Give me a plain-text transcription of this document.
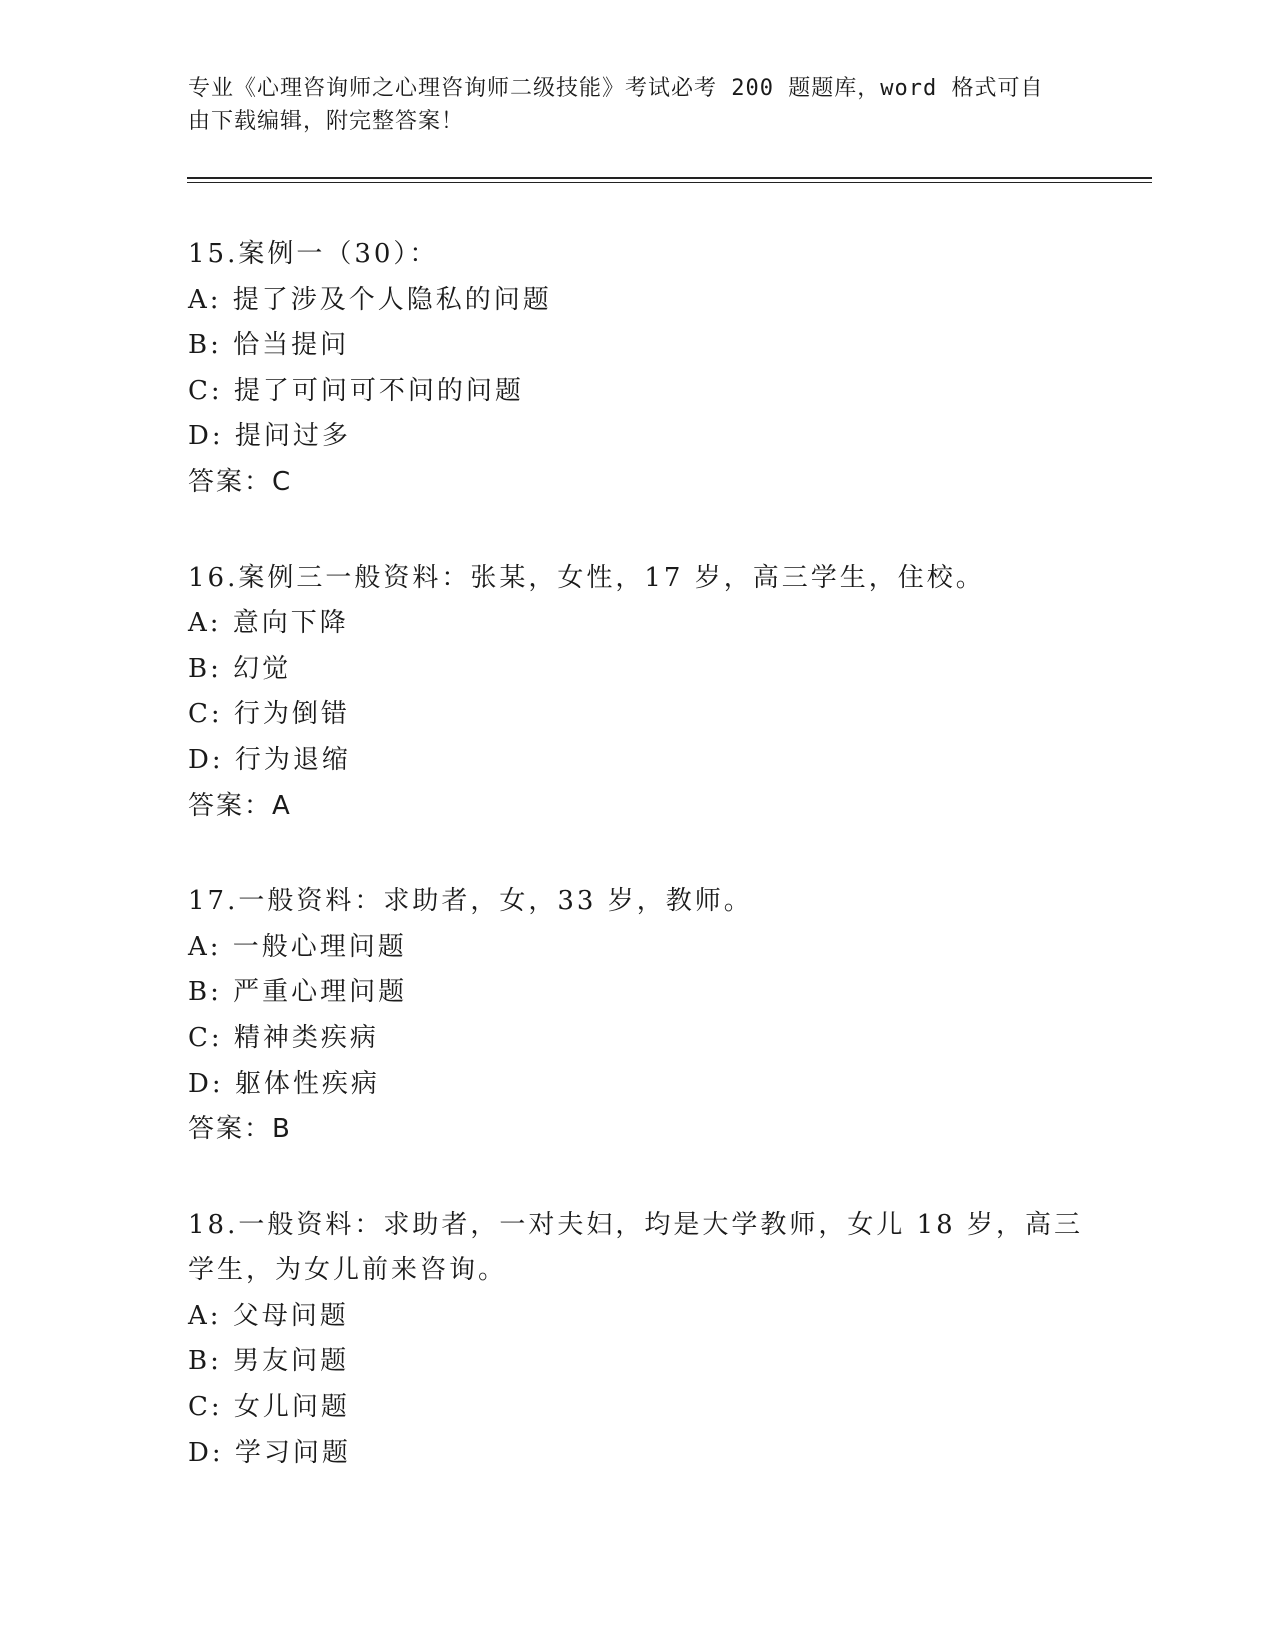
专业《心理咨询师之心理咨询师二级技能》考试必考 200 题题库，word 格式可自
由下载编辑，附完整答案！
15.案例一（30）：
A: 提了涉及个人隐私的问题
B: 恰当提问
C: 提了可问可不问的问题
D: 提问过多
答案：C
16.案例三一般资料：张某，女性，17 岁，高三学生，住校。
A: 意向下降
B: 幻觉
C: 行为倒错
D: 行为退缩
答案：A
17.一般资料：求助者，女，33 岁，教师。
A: 一般心理问题
B: 严重心理问题
C: 精神类疾病
D: 躯体性疾病
答案：B
18.一般资料：求助者，一对夫妇，均是大学教师，女儿 18 岁，高三
学生，为女儿前来咨询。
A: 父母问题
B: 男友问题
C: 女儿问题
D: 学习问题
